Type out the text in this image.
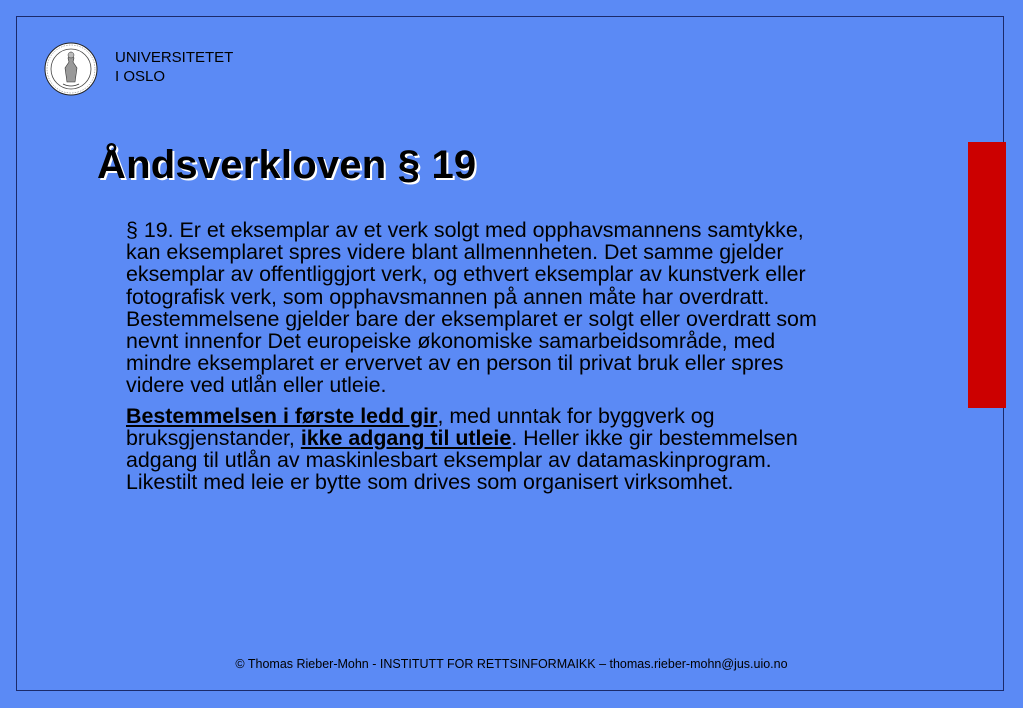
UNIVERSITETET
I OSLO
Åndsverkloven § 19

§ 19. Er et eksemplar av et verk solgt med opphavsmannens samtykke, kan eksemplaret spres videre blant allmennheten. Det samme gjelder eksemplar av offentliggjort verk, og ethvert eksemplar av kunstverk eller fotografisk verk, som opphavsmannen på annen måte har overdratt. Bestemmelsene gjelder bare der eksemplaret er solgt eller overdratt som nevnt innenfor Det europeiske økonomiske samarbeidsområde, med mindre eksemplaret er ervervet av en person til privat bruk eller spres videre ved utlån eller utleie.

Bestemmelsen i første ledd gir, med unntak for byggverk og bruksgjenstander, ikke adgang til utleie. Heller ikke gir bestemmelsen adgang til utlån av maskinlesbart eksemplar av datamaskinprogram. Likestilt med leie er bytte som drives som organisert virksomhet.

© Thomas Rieber-Mohn - INSTITUTT FOR RETTSINFORMAIKK – thomas.rieber-mohn@jus.uio.no
